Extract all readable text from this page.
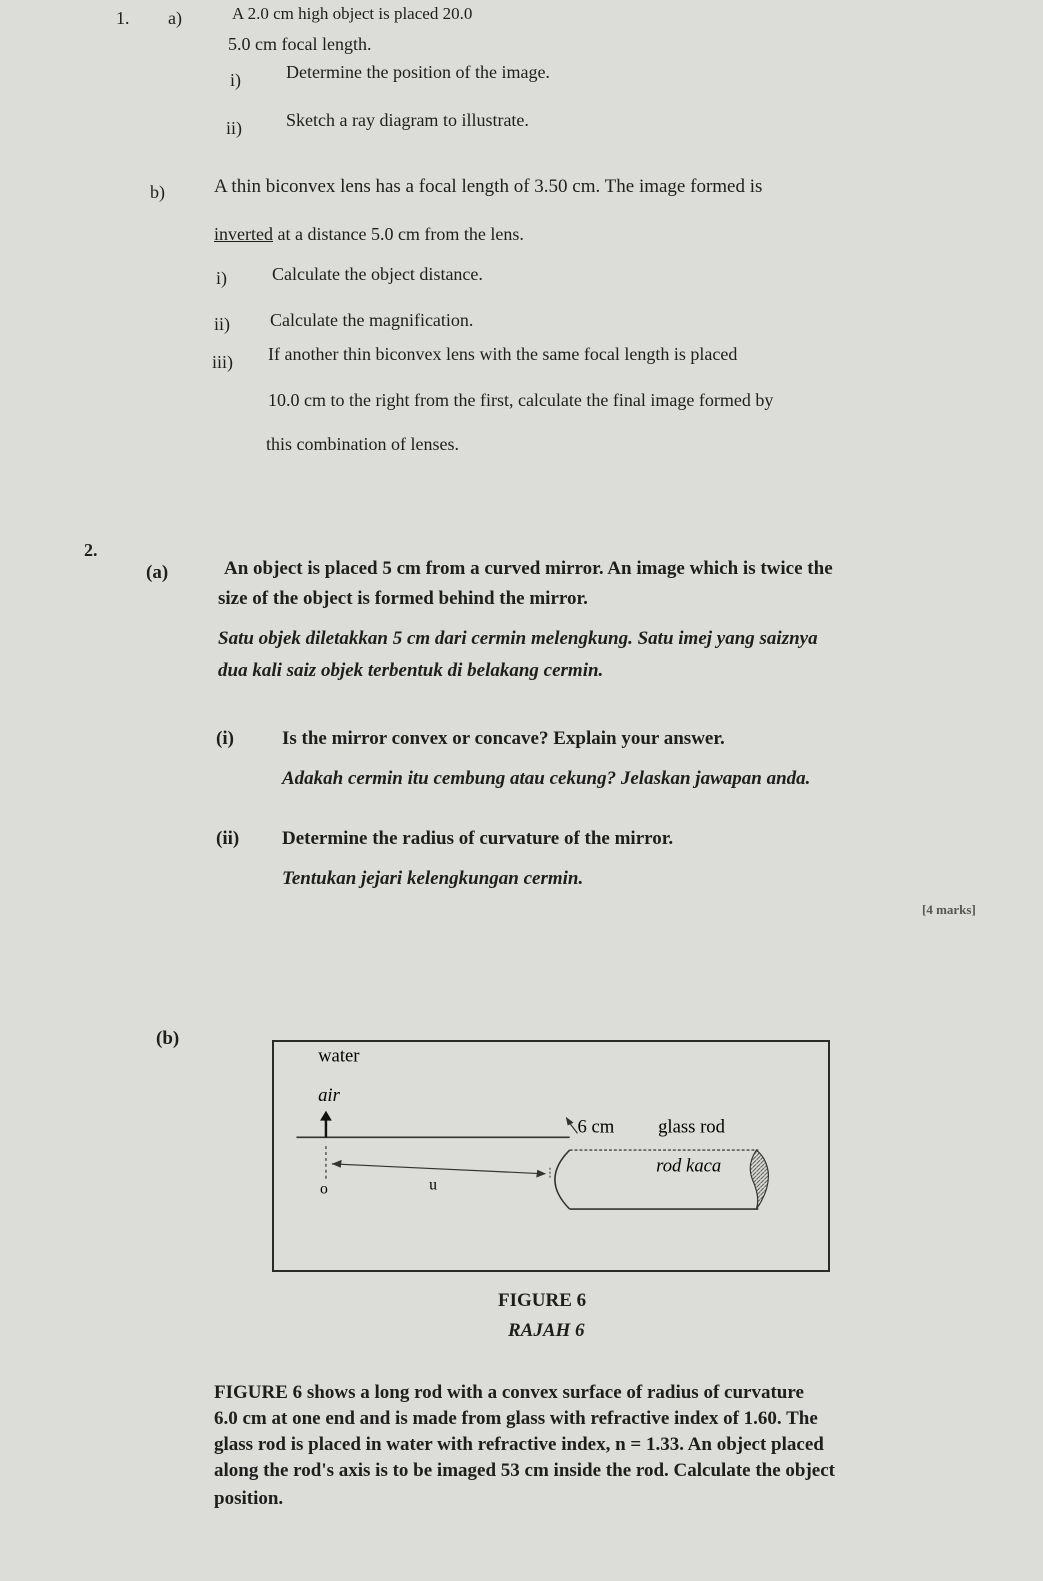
1. a)	A 2.0 cm high object is placed 20.0
5.0 cm focal length.
i)	Determine the position of the image.
ii) Sketch a ray diagram to illustrate.
b)	A thin biconvex lens has a focal length of 3.50 cm. The image formed is
inverted at a distance 5.0 cm from the lens.
i)	Calculate the object distance.
ii) Calculate the magnification.
iii) If another thin biconvex lens with the same focal length is placed
10.0 cm to the right from the first, calculate the final image formed by
this combination of lenses.
2.
(a)	An object is placed 5 cm from a curved mirror. An image which is twice the
size of the object is formed behind the mirror.
Satu objek diletakkan 5 cm dari cermin melengkung. Satu imej yang saiznya
dua kali saiz objek terbentuk di belakang cermin.
(i)	Is the mirror convex or concave? Explain your answer.
Adakah cermin itu cembung atau cekung? Jelaskan jawapan anda.
(ii) Determine the radius of curvature of the mirror.
Tentukan jejari kelengkungan cermin.
[4 marks]
(b)
water
air
6 cm glass rod
rod kaca
o	u
FIGURE 6
RAJAH 6
FIGURE 6 shows a long rod with a convex surface of radius of curvature
6.0 cm at one end and is made from glass with refractive index of 1.60. The
glass rod is placed in water with refractive index, n = 1.33. An object placed
along the rod's axis is to be imaged 53 cm inside the rod. Calculate the object
position.
